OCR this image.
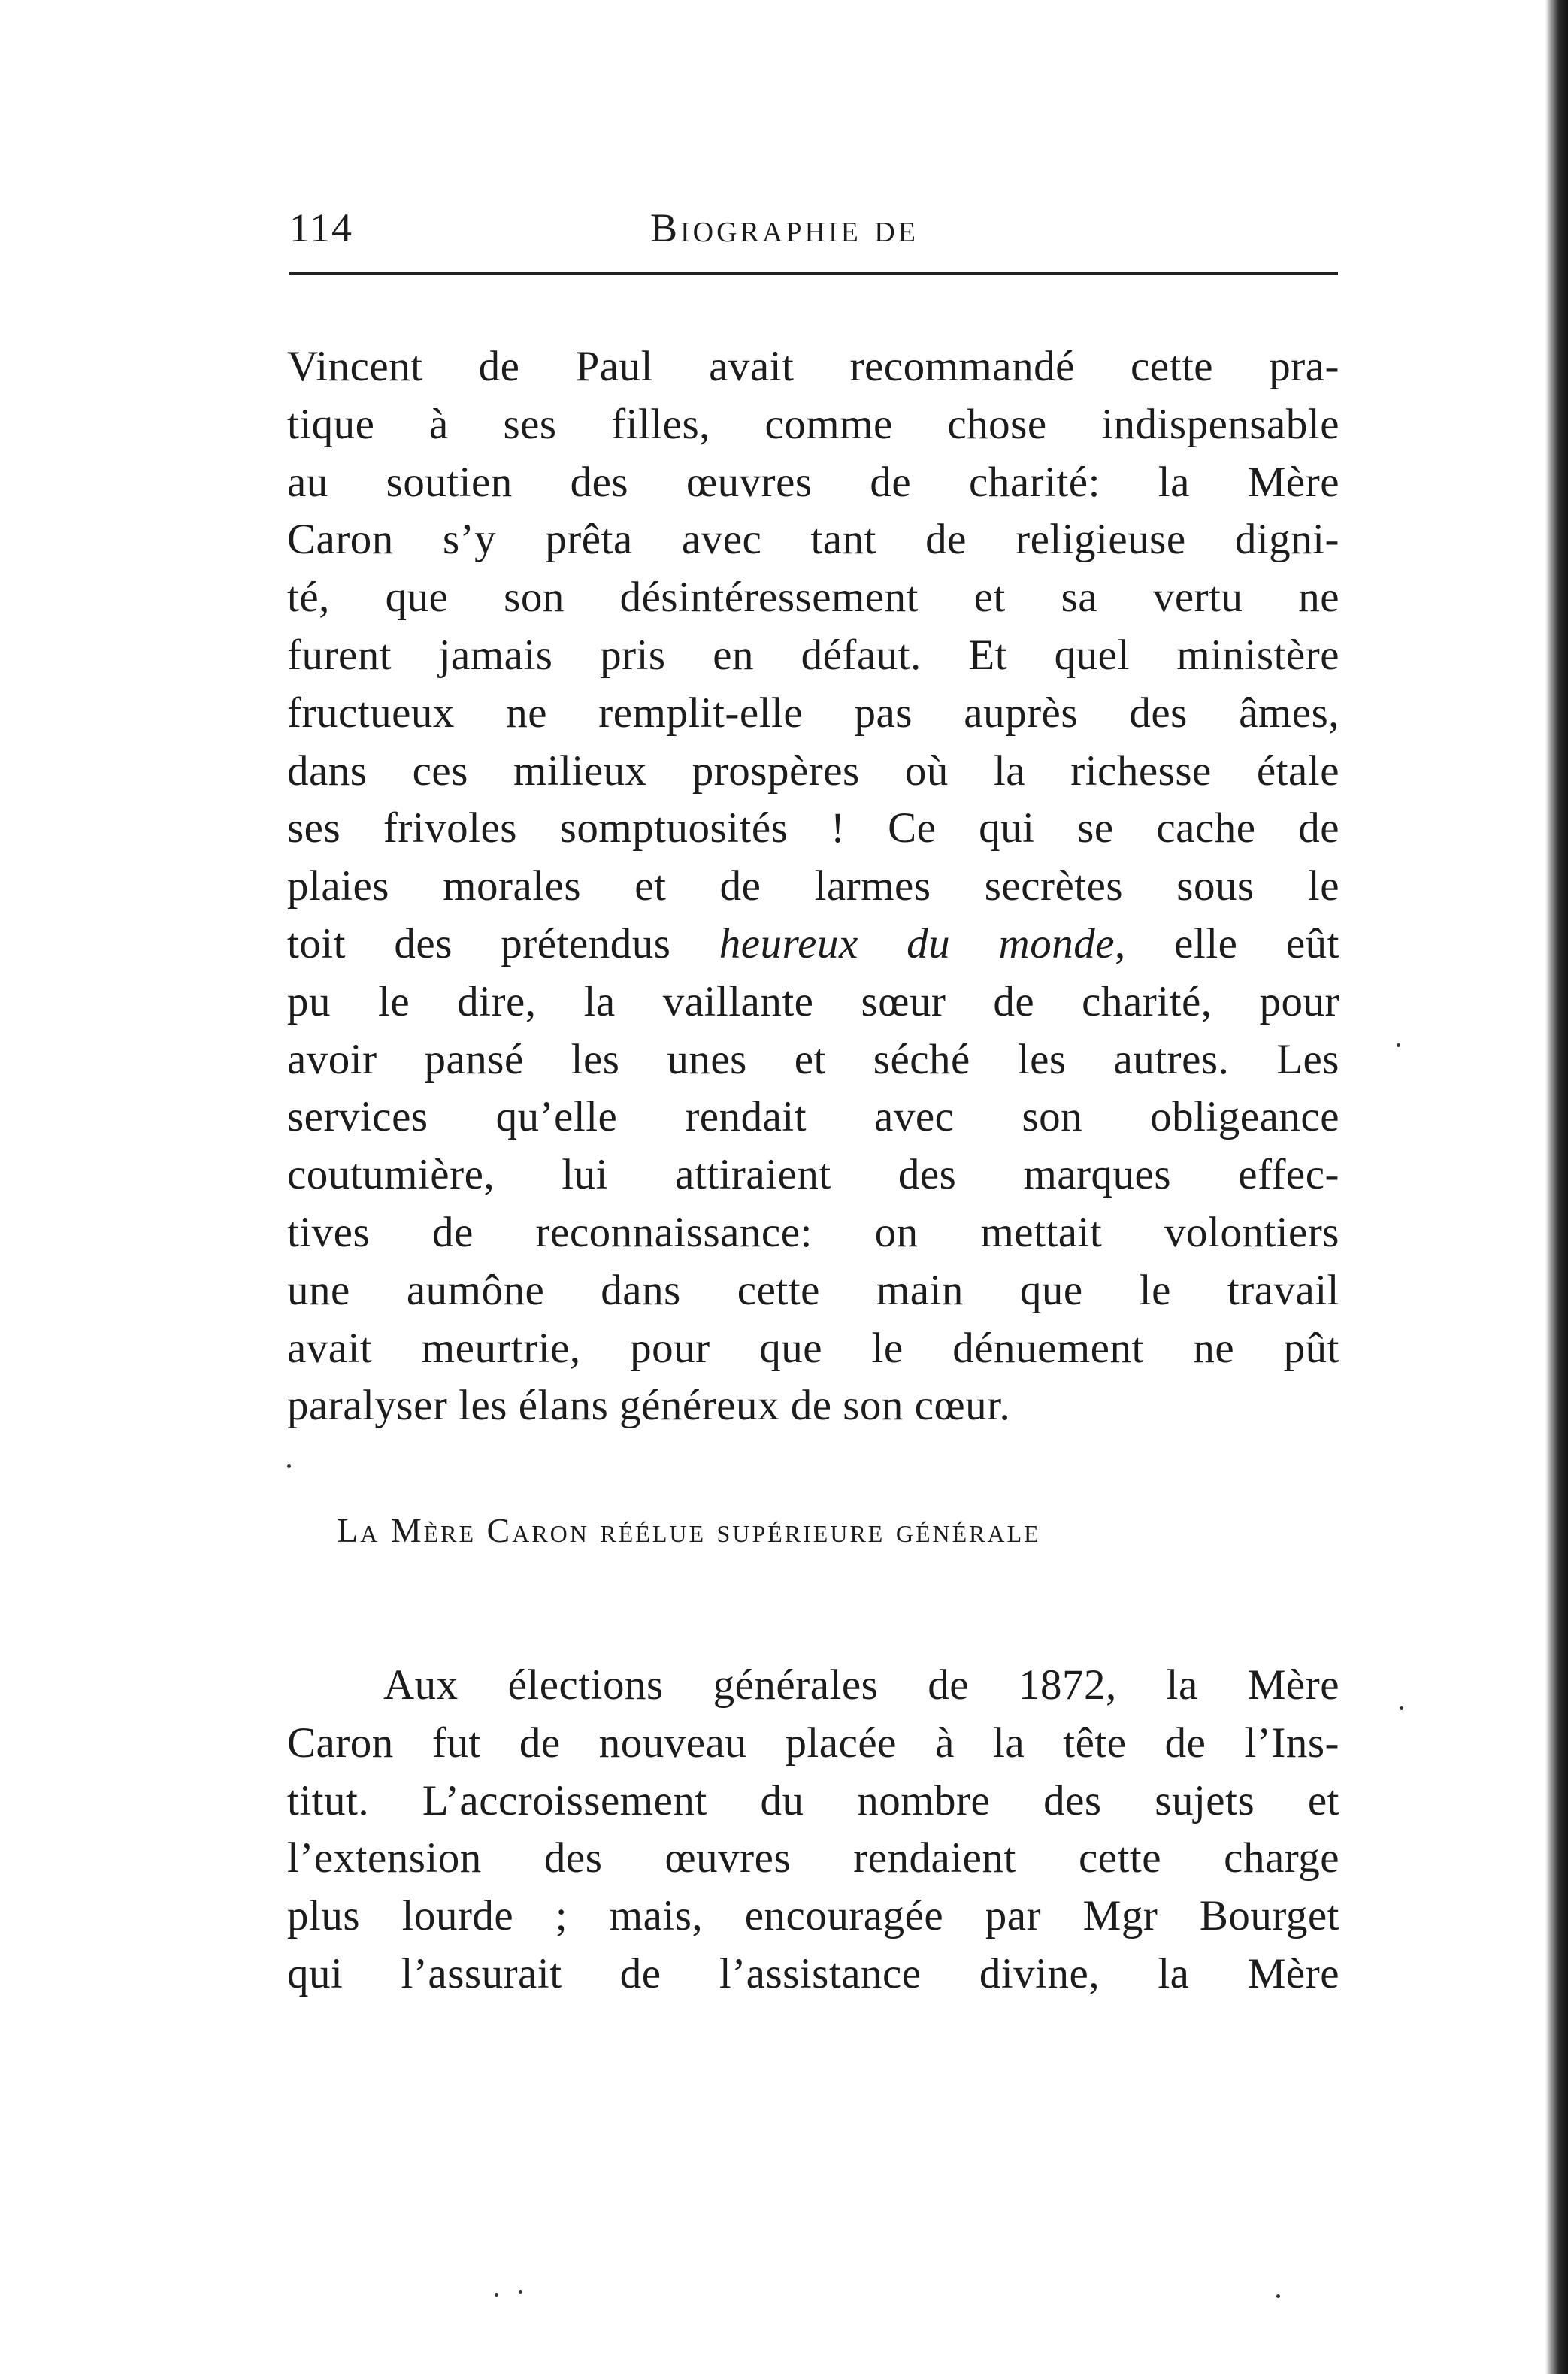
114	Biographie de
Vincent de Paul avait recommandé cette pra-
tique à ses filles, comme chose indispensable
au soutien des œuvres de charité: la Mère
Caron s’y prêta avec tant de religieuse digni-
té, que son désintéressement et sa vertu ne
furent jamais pris en défaut. Et quel ministère
fructueux ne remplit-elle pas auprès des âmes,
dans ces milieux prospères où la richesse étale
ses frivoles somptuosités ! Ce qui se cache de
plaies morales et de larmes secrètes sous le
toit des prétendus heureux du monde, elle eût
pu le dire, la vaillante sœur de charité, pour
avoir pansé les unes et séché les autres. Les
services qu’elle rendait avec son obligeance
coutumière, lui attiraient des marques effec-
tives de reconnaissance: on mettait volontiers
une aumône dans cette main que le travail
avait meurtrie, pour que le dénuement ne pût
paralyser les élans généreux de son cœur.
La Mère Caron réélue supérieure générale
Aux élections générales de 1872, la Mère
Caron fut de nouveau placée à la tête de l’Ins-
titut. L’accroissement du nombre des sujets et
l’extension des œuvres rendaient cette charge
plus lourde ; mais, encouragée par Mgr Bourget
qui l’assurait de l’assistance divine, la Mère
